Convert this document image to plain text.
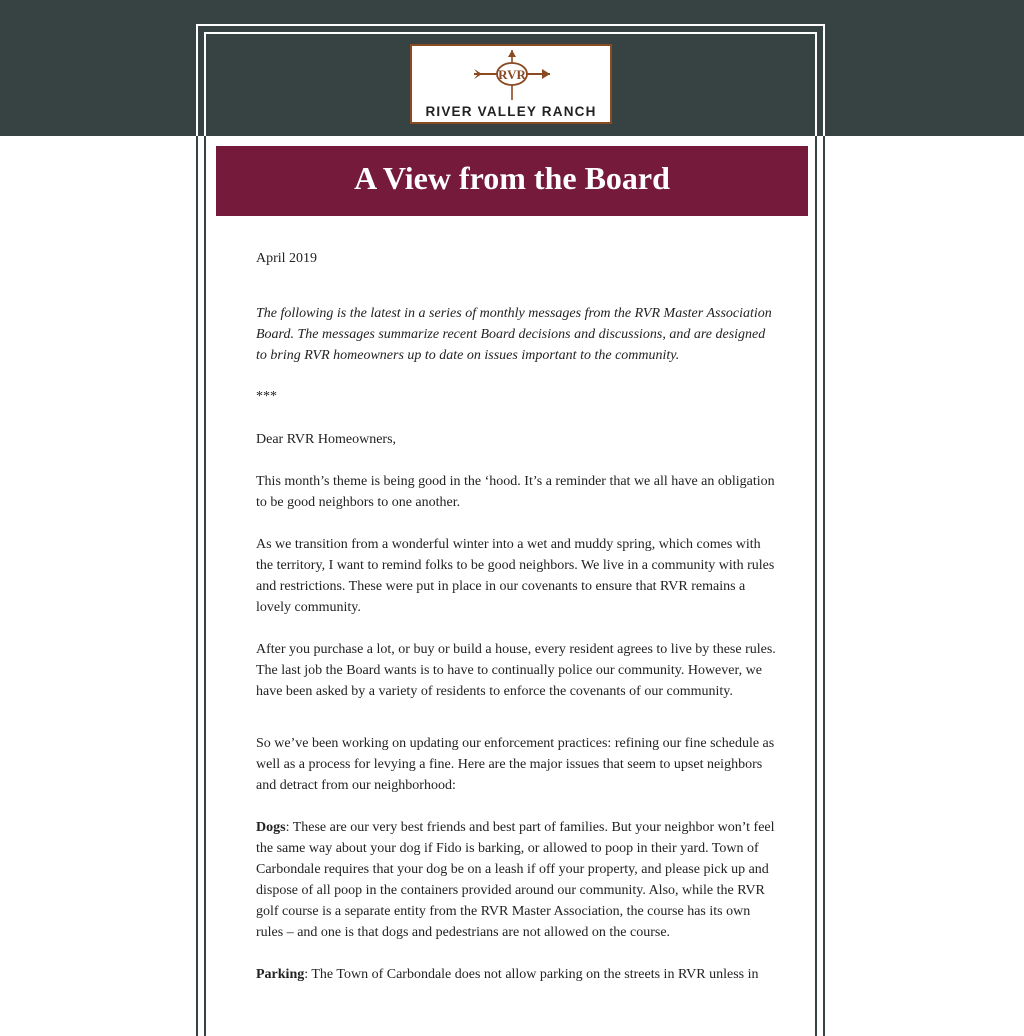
RVR
RIVER VALLEY RANCH
A View from the Board

April 2019

The following is the latest in a series of monthly messages from the RVR Master Association Board. The messages summarize recent Board decisions and discussions, and are designed to bring RVR homeowners up to date on issues important to the community.

***

Dear RVR Homeowners,

This month’s theme is being good in the ‘hood. It’s a reminder that we all have an obligation to be good neighbors to one another.

As we transition from a wonderful winter into a wet and muddy spring, which comes with the territory, I want to remind folks to be good neighbors. We live in a community with rules and restrictions. These were put in place in our covenants to ensure that RVR remains a lovely community.

After you purchase a lot, or buy or build a house, every resident agrees to live by these rules. The last job the Board wants is to have to continually police our community. However, we have been asked by a variety of residents to enforce the covenants of our community.

So we’ve been working on updating our enforcement practices: refining our fine schedule as well as a process for levying a fine. Here are the major issues that seem to upset neighbors and detract from our neighborhood:

Dogs: These are our very best friends and best part of families. But your neighbor won’t feel the same way about your dog if Fido is barking, or allowed to poop in their yard. Town of Carbondale requires that your dog be on a leash if off your property, and please pick up and dispose of all poop in the containers provided around our community. Also, while the RVR golf course is a separate entity from the RVR Master Association, the course has its own rules – and one is that dogs and pedestrians are not allowed on the course.

Parking: The Town of Carbondale does not allow parking on the streets in RVR unless in
